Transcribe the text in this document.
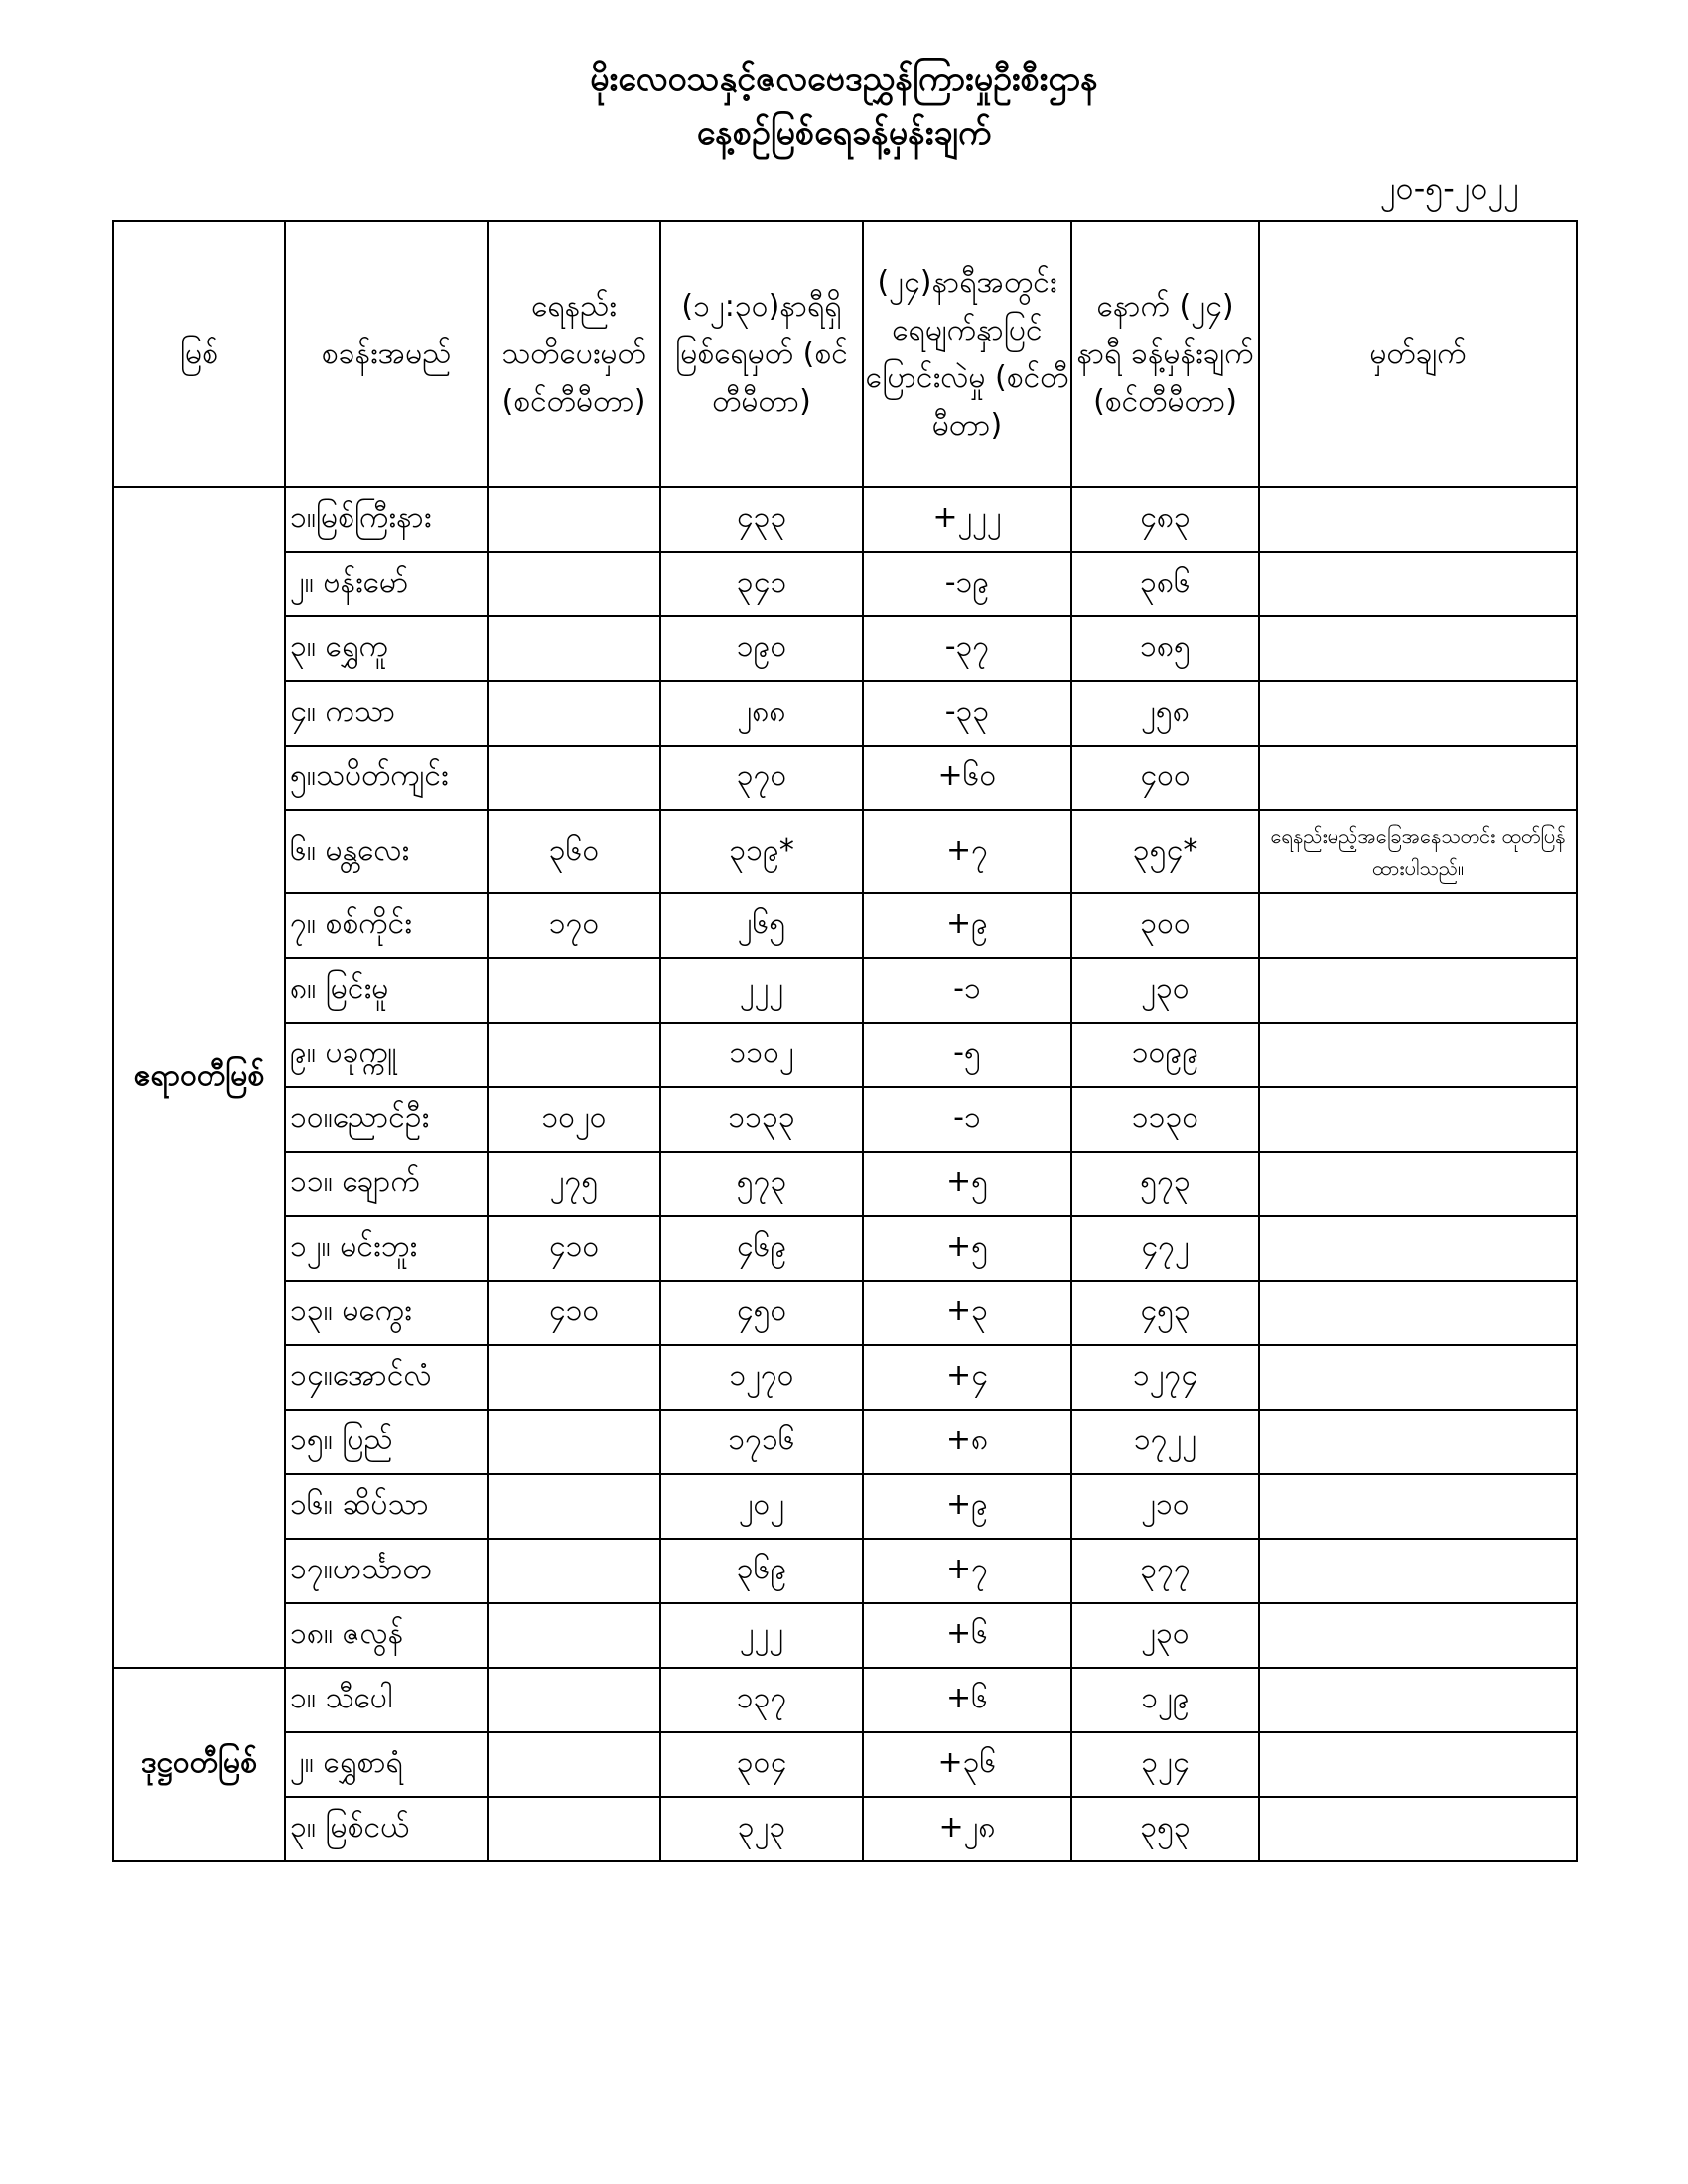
မိုးလေဝသနှင့်ဇလဗေဒညွှန်ကြားမှုဦးစီးဌာန
နေ့စဉ်မြစ်ရေခန့်မှန်းချက်
၂၀-၅-၂၀၂၂
မြစ်	စခန်းအမည်	ရေနည်း သတိပေးမှတ် (စင်တီမီတာ)	(၁၂:၃၀)နာရီရှိ မြစ်ရေမှတ် (စင်တီမီတာ)	(၂၄)နာရီအတွင်း ရေမျက်နှာပြင် ပြောင်းလဲမှု (စင်တီမီတာ)	နောက် (၂၄) နာရီ ခန့်မှန်းချက် (စင်တီမီတာ)	မှတ်ချက်
ဧရာဝတီမြစ်	၁။မြစ်ကြီးနား		၄၃၃	+၂၂၂	၄၈၃	
	၂။ ဗန်းမော်		၃၄၁	-၁၉	၃၈၆	
	၃။ ရွှေကူ		၁၉၀	-၃၇	၁၈၅	
	၄။ ကသာ		၂၈၈	-၃၃	၂၅၈	
	၅။သပိတ်ကျင်း		၃၇၀	+၆၀	၄၀၀	
	၆။ မန္တလေး	၃၆၀	၃၁၉*	+၇	၃၅၄*	ရေနည်းမည့်အခြေအနေသတင်း ထုတ်ပြန်ထားပါသည်။
	၇။ စစ်ကိုင်း	၁၇၀	၂၆၅	+၉	၃၀၀	
	၈။ မြင်းမူ		၂၂၂	-၁	၂၃၀	
	၉။ ပခုက္ကူ		၁၁၀၂	-၅	၁၀၉၉	
	၁၀။ညောင်ဦး	၁၀၂၀	၁၁၃၃	-၁	၁၁၃၀	
	၁၁။ ချောက်	၂၇၅	၅၇၃	+၅	၅၇၃	
	၁၂။ မင်းဘူး	၄၁၀	၄၆၉	+၅	၄၇၂	
	၁၃။ မကွေး	၄၁၀	၄၅၀	+၃	၄၅၃	
	၁၄။အောင်လံ		၁၂၇၀	+၄	၁၂၇၄	
	၁၅။ ပြည်		၁၇၁၆	+၈	၁၇၂၂	
	၁၆။ ဆိပ်သာ		၂၀၂	+၉	၂၁၀	
	၁၇။ဟင်္သာတ		၃၆၉	+၇	၃၇၇	
	၁၈။ ဇလွန်		၂၂၂	+၆	၂၃၀	
ဒုဋ္ဌဝတီမြစ်	၁။ သီပေါ		၁၃၇	+၆	၁၂၉	
	၂။ ရွှေစာရံ		၃၀၄	+၃၆	၃၂၄	
	၃။ မြစ်ငယ်		၃၂၃	+၂၈	၃၅၃	
